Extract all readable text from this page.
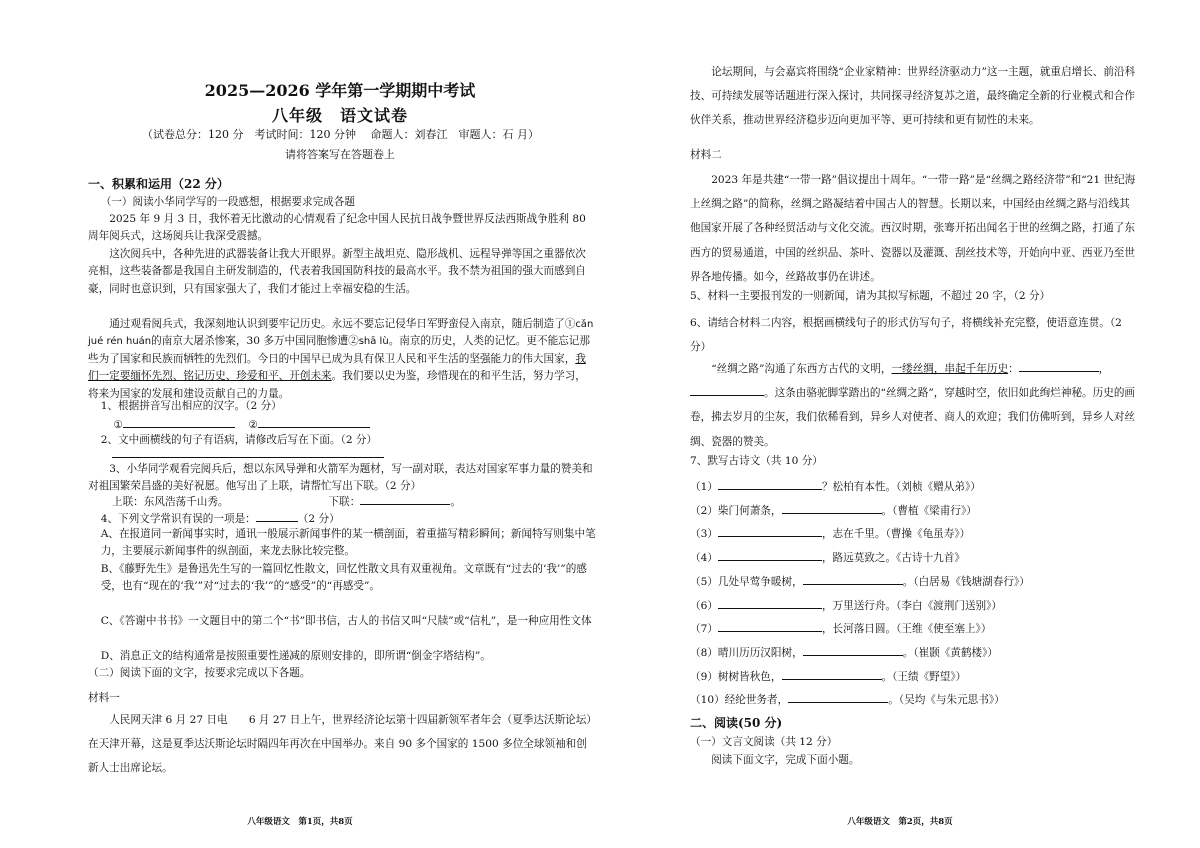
2025—2026 学年第一学期期中考试
八年级　语文试卷
（试卷总分：120 分　考试时间：120 分钟　 命题人：刘春江　审题人：石 月）
请将答案写在答题卷上
一、积累和运用（22 分）
（一）阅读小华同学写的一段感想，根据要求完成各题
2025 年 9 月 3 日，我怀着无比激动的心情观看了纪念中国人民抗日战争暨世界反法西斯战争胜利 80 周年阅兵式，这场阅兵让我深受震撼。
这次阅兵中，各种先进的武器装备让我大开眼界。新型主战坦克、隐形战机、远程导弹等国之重器依次亮相，这些装备都是我国自主研发制造的，代表着我国国防科技的最高水平。我不禁为祖国的强大而感到自豪，同时也意识到，只有国家强大了，我们才能过上幸福安稳的生活。
通过观看阅兵式，我深刻地认识到要牢记历史。永远不要忘记侵华日军野蛮侵入南京，随后制造了①cǎn jué rén huán的南京大屠杀惨案，30 多万中国同胞惨遭②shā lù。南京的历史，人类的记忆。更不能忘记那些为了国家和民族而牺牲的先烈们。今日的中国早已成为具有保卫人民和平生活的坚强能力的伟大国家，我们一定要缅怀先烈、铭记历史、珍爱和平、开创未来。我们要以史为鉴，珍惜现在的和平生活，努力学习，将来为国家的发展和建设贡献自己的力量。
1、根据拼音写出相应的汉字。（2 分）
①	②
2、文中画横线的句子有语病，请修改后写在下面。（2 分）
3、小华同学观看完阅兵后，想以东风导弹和火箭军为题材，写一副对联，表达对国家军事力量的赞美和对祖国繁荣昌盛的美好祝愿。他写出了上联，请帮忙写出下联。（2 分）
上联：东风浩荡千山秀。	下联：	。
4、下列文学常识有误的一项是：	（2 分）
A、在报道同一新闻事实时，通讯一般展示新闻事件的某一横剖面，着重描写精彩瞬间；新闻特写则集中笔力，主要展示新闻事件的纵剖面，来龙去脉比较完整。
B、《藤野先生》是鲁迅先生写的一篇回忆性散文，回忆性散文具有双重视角。文章既有“过去的‘我’”的感受，也有“现在的‘我’”对“过去的‘我’”的“感受”的“再感受”。
C、《答谢中书书》一文题目中的第二个“书”即书信，古人的书信又叫“尺牍”或“信札”，是一种应用性文体
D、消息正文的结构通常是按照重要性递减的原则安排的，即所谓“倒金字塔结构”。
（二）阅读下面的文字，按要求完成以下各题。
材料一
人民网天津 6 月 27 日电　　6 月 27 日上午，世界经济论坛第十四届新领军者年会（夏季达沃斯论坛）在天津开幕，这是夏季达沃斯论坛时隔四年再次在中国举办。来自 90 多个国家的 1500 多位全球领袖和创新人士出席论坛。
八年级语文　第1页，共8页
论坛期间，与会嘉宾将围绕“企业家精神：世界经济驱动力”这一主题，就重启增长、前沿科技、可持续发展等话题进行深入探讨，共同探寻经济复苏之道，最终确定全新的行业模式和合作伙伴关系，推动世界经济稳步迈向更加平等、更可持续和更有韧性的未来。
材料二
2023 年是共建“一带一路”倡议提出十周年。“一带一路”是“丝绸之路经济带”和“21 世纪海上丝绸之路”的简称，丝绸之路凝结着中国古人的智慧。长期以来，中国经由丝绸之路与沿线其他国家开展了各种经贸活动与文化交流。西汉时期，张骞开拓出闻名于世的丝绸之路，打通了东西方的贸易通道，中国的丝织品、茶叶、瓷器以及灌溉、刮丝技术等，开始向中亚、西亚乃至世界各地传播。如今，丝路故事仍在讲述。
5、材料一主要报刊发的一则新闻，请为其拟写标题，不超过 20 字，（2 分）
6、请结合材料二内容，根据画横线句子的形式仿写句子，将横线补充完整，使语意连贯。（2 分）
“丝绸之路”沟通了东西方古代的文明，一缕丝绸，串起千年历史：	，。这条由骆驼脚掌踏出的“丝绸之路”，穿越时空，依旧如此绚烂神秘。历史的画卷，拂去岁月的尘灰，我们依稀看到，异乡人对使者、商人的欢迎；我们仿佛听到，异乡人对丝绸、瓷器的赞美。
7、默写古诗文（共 10 分）
（1）	？松柏有本性。（刘桢《赠从弟》）
（2）柴门何萧条，	。（曹植《梁甫行》）
（3）	，志在千里。（曹操《龟虽寿》）
（4）	，路远莫致之。《古诗十九首》
（5）几处早莺争暖树，	。（白居易《钱塘湖春行》）
（6）	，万里送行舟。（李白《渡荆门送别》）
（7）	，长河落日圆。（王维《使至塞上》）
（8）晴川历历汉阳树，	。（崔颢《黄鹤楼》）
（9）树树皆秋色，	。（王绩《野望》）
（10）经纶世务者，	。（吴均《与朱元思书》）
二、阅读(50 分)
（一）文言文阅读（共 12 分）
阅读下面文字，完成下面小题。
八年级语文　第2页，共8页
